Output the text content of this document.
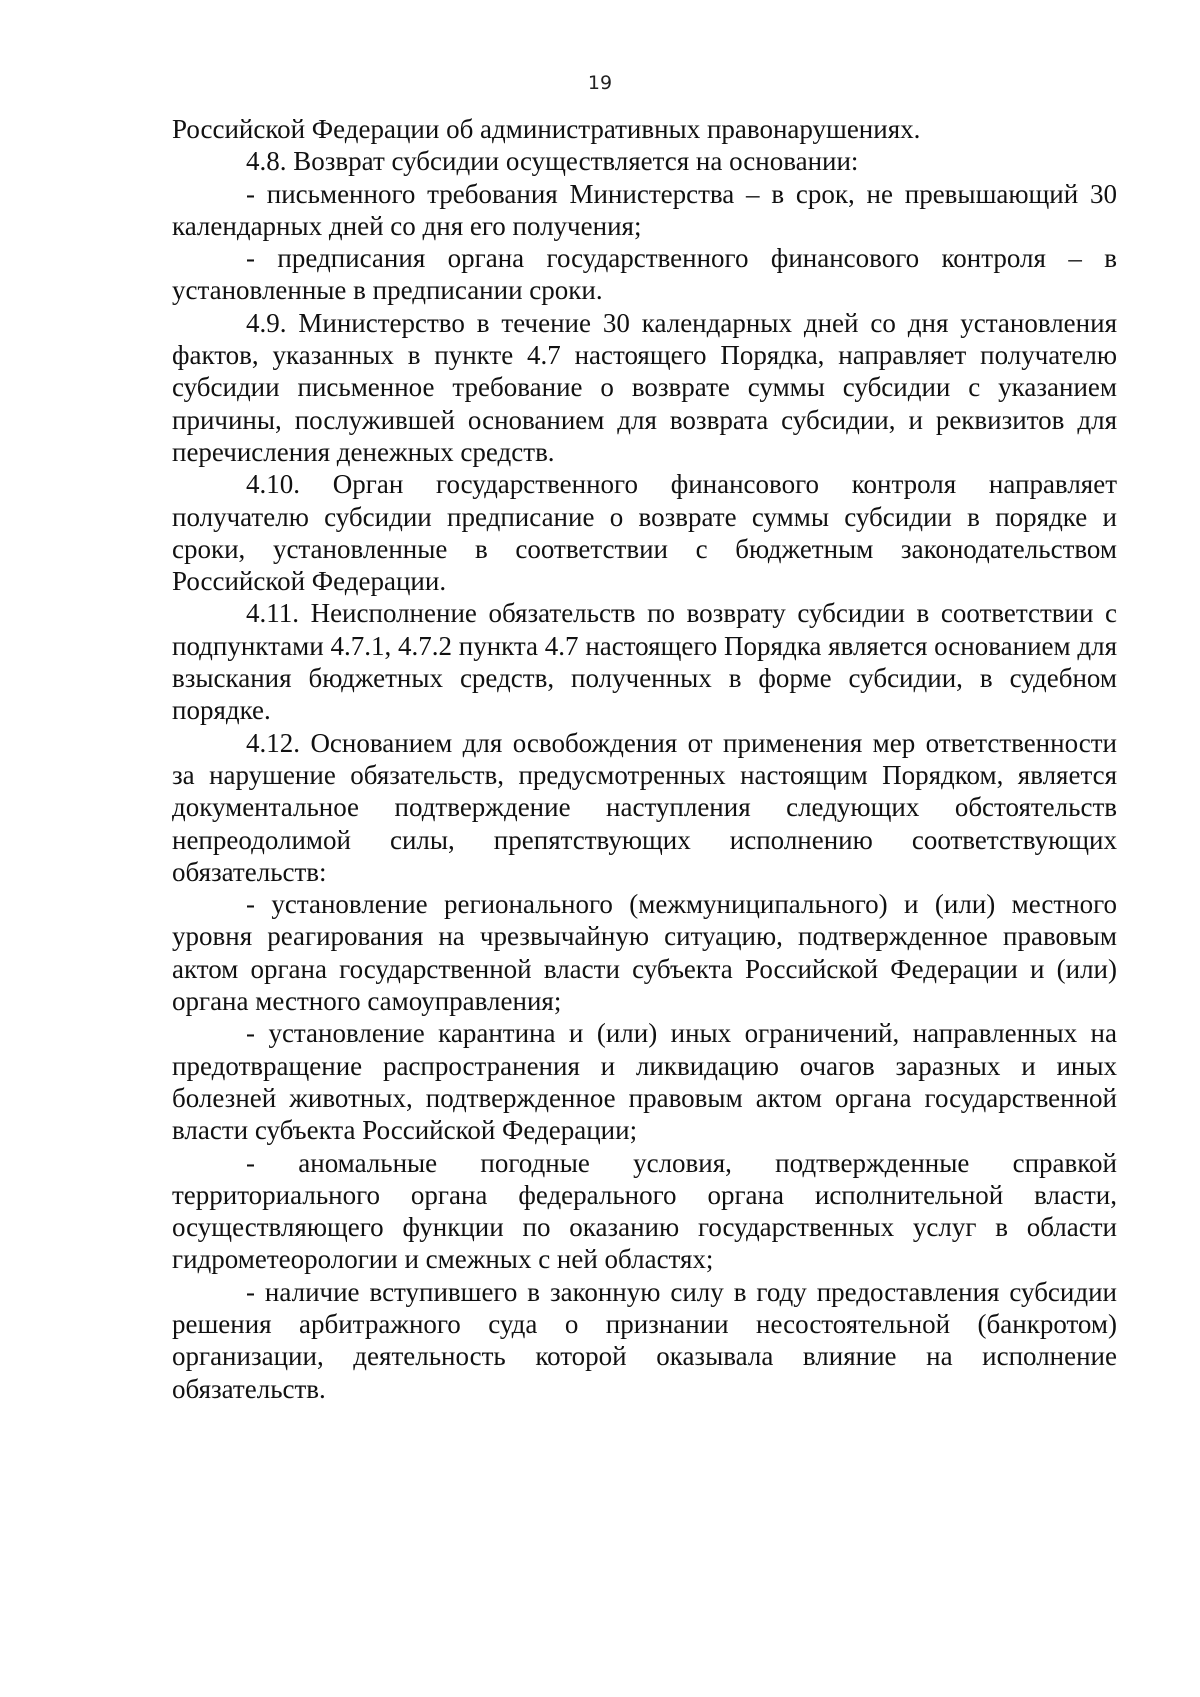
19

Российской Федерации об административных правонарушениях.

4.8. Возврат субсидии осуществляется на основании:

- письменного требования Министерства – в срок, не превышающий 30 календарных дней со дня его получения;

- предписания органа государственного финансового контроля – в установленные в предписании сроки.

4.9. Министерство в течение 30 календарных дней со дня установления фактов, указанных в пункте 4.7 настоящего Порядка, направляет получателю субсидии письменное требование о возврате суммы субсидии с указанием причины, послужившей основанием для возврата субсидии, и реквизитов для перечисления денежных средств.

4.10. Орган государственного финансового контроля направляет получателю субсидии предписание о возврате суммы субсидии в порядке и сроки, установленные в соответствии с бюджетным законодательством Российской Федерации.

4.11. Неисполнение обязательств по возврату субсидии в соответствии с подпунктами 4.7.1, 4.7.2 пункта 4.7 настоящего Порядка является основанием для взыскания бюджетных средств, полученных в форме субсидии, в судебном порядке.

4.12. Основанием для освобождения от применения мер ответственности за нарушение обязательств, предусмотренных настоящим Порядком, является документальное подтверждение наступления следующих обстоятельств непреодолимой силы, препятствующих исполнению соответствующих обязательств:

- установление регионального (межмуниципального) и (или) местного уровня реагирования на чрезвычайную ситуацию, подтвержденное правовым актом органа государственной власти субъекта Российской Федерации и (или) органа местного самоуправления;

- установление карантина и (или) иных ограничений, направленных на предотвращение распространения и ликвидацию очагов заразных и иных болезней животных, подтвержденное правовым актом органа государственной власти субъекта Российской Федерации;

- аномальные погодные условия, подтвержденные справкой территориального органа федерального органа исполнительной власти, осуществляющего функции по оказанию государственных услуг в области гидрометеорологии и смежных с ней областях;

- наличие вступившего в законную силу в году предоставления субсидии решения арбитражного суда о признании несостоятельной (банкротом) организации, деятельность которой оказывала влияние на исполнение обязательств.
